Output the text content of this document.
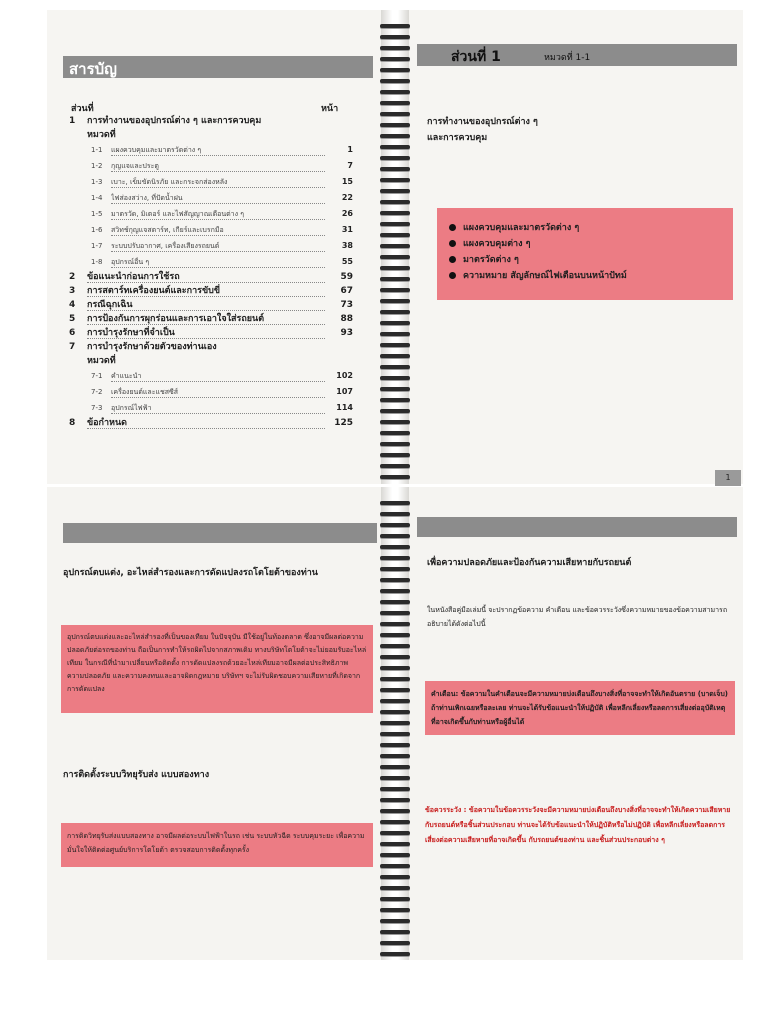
สารบัญ
ส่วนที่	หน้า
1 การทำงานของอุปกรณ์ต่าง ๆ และการควบคุม
หมวดที่
1-1 แผงควบคุมและมาตรวัดต่าง ๆ	1
1-2 กุญแจและประตู	7
1-3 เบาะ, เข็มขัดนิรภัย และกระจกส่องหลัง	15
1-4 ไฟส่องสว่าง, ที่ปัดน้ำฝน	22
1-5 มาตรวัด, มิเตอร์ และไฟสัญญาณเตือนต่าง ๆ	26
1-6 สวิทช์กุญแจสตาร์ท, เกียร์และเบรกมือ	31
1-7 ระบบปรับอากาศ, เครื่องเสียงรถยนต์	38
1-8 อุปกรณ์อื่น ๆ	55
2 ข้อแนะนำก่อนการใช้รถ	59
3 การสตาร์ทเครื่องยนต์และการขับขี่	67
4 กรณีฉุกเฉิน	73
5 การป้องกันการผุกร่อนและการเอาใจใส่รถยนต์	88
6 การบำรุงรักษาที่จำเป็น	93
7 การบำรุงรักษาด้วยตัวของท่านเอง
หมวดที่
7-1 คำแนะนำ	102
7-2 เครื่องยนต์และแชสซีส์	107
7-3 อุปกรณ์ไฟฟ้า	114
8 ข้อกำหนด	125
ส่วนที่ 1	หมวดที่ 1-1
การทำงานของอุปกรณ์ต่าง ๆ
และการควบคุม
แผงควบคุมและมาตรวัดต่าง ๆ
แผงควบคุมต่าง ๆ
มาตรวัดต่าง ๆ
ความหมาย สัญลักษณ์ไฟเตือนบนหน้าปัทม์
1
อุปกรณ์ตบแต่ง, อะไหล่สำรองและการดัดแปลงรถโตโยต้าของท่าน
อุปกรณ์ตบแต่งและอะไหล่สำรองที่เป็นของเทียม ในปัจจุบัน มีใช้อยู่ในท้องตลาด ซึ่งอาจมีผลต่อความปลอดภัยต่อรถของท่าน ถือเป็นการทำให้รถผิดไปจากสภาพเดิม ทางบริษัทโตโยต้าจะไม่ยอมรับอะไหล่เทียม ในกรณีที่นำมาเปลี่ยนหรือติดตั้ง การดัดแปลงรถด้วยอะไหล่เทียมอาจมีผลต่อประสิทธิภาพ ความปลอดภัย และความคงทนและอาจผิดกฎหมาย บริษัทฯ จะไม่รับผิดชอบความเสียหายที่เกิดจากการดัดแปลง
การติดตั้งระบบวิทยุรับส่ง แบบสองทาง
การติดวิทยุรับส่งแบบสองทาง อาจมีผลต่อระบบไฟฟ้าในรถ เช่น ระบบหัวฉีด ระบบคุมระยะ เพื่อความมั่นใจให้ติดต่อศูนย์บริการโตโยต้า ตรวจสอบการติดตั้งทุกครั้ง
เพื่อความปลอดภัยและป้องกันความเสียหายกับรถยนต์
ในหนังสือคู่มือเล่มนี้ จะปรากฏข้อความ คำเตือน และข้อควรระวังซึ่งความหมายของข้อความสามารถอธิบายได้ดังต่อไปนี้
คำเตือน: ข้อความในคำเตือนจะมีความหมายบ่งเตือนถึงบางสิ่งที่อาจจะทำให้เกิดอันตราย (บาดเจ็บ) ถ้าท่านเพิกเฉยหรือละเลย ท่านจะได้รับข้อแนะนำให้ปฏิบัติ เพื่อหลีกเลี่ยงหรือลดการเสี่ยงต่ออุบัติเหตุที่อาจเกิดขึ้นกับท่านหรือผู้อื่นได้
ข้อควรระวัง : ข้อความในข้อควรระวังจะมีความหมายบ่งเตือนถึงบางสิ่งที่อาจจะทำให้เกิดความเสียหายกับรถยนต์หรือชิ้นส่วนประกอบ ท่านจะได้รับข้อแนะนำให้ปฏิบัติหรือไม่ปฏิบัติ เพื่อหลีกเลี่ยงหรือลดการเสี่ยงต่อความเสียหายที่อาจเกิดขึ้น กับรถยนต์ของท่าน และชิ้นส่วนประกอบต่าง ๆ
